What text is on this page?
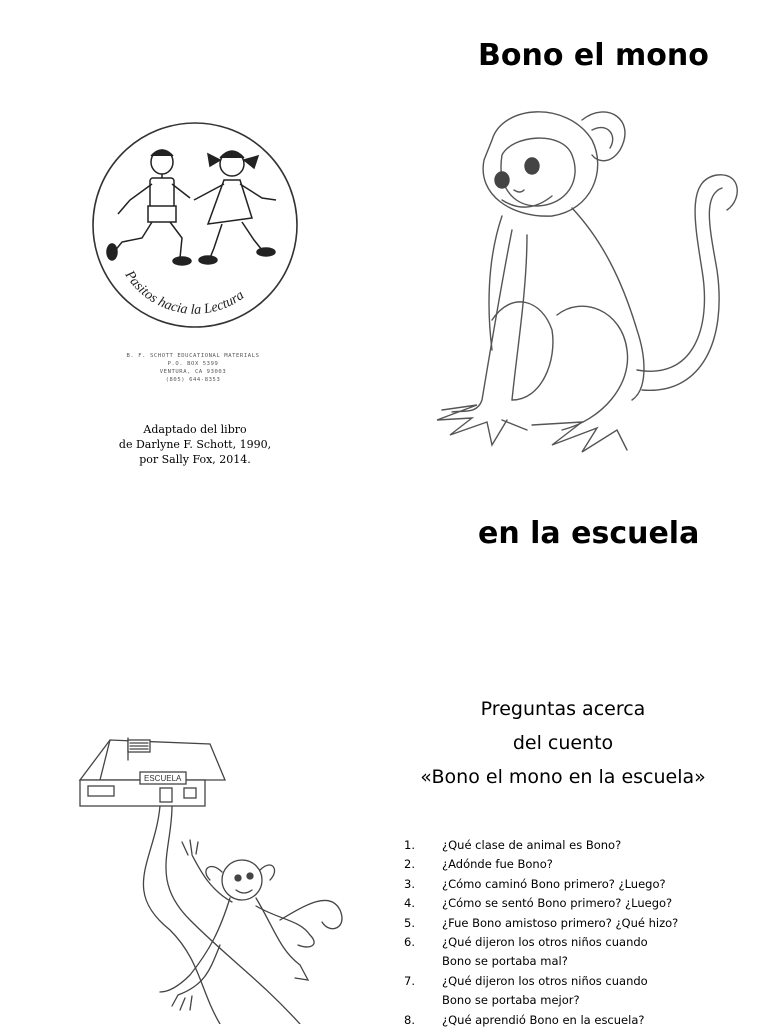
Bono el mono
en la escuela
Pasitos hacia la Lectura
B. F. SCHOTT EDUCATIONAL MATERIALS
P.O. BOX 5399
VENTURA, CA 93003
(805) 644-8353
Adaptado del libro
de Darlyne F. Schott, 1990,
por Sally Fox, 2014.
ESCUELA
Preguntas acerca
del cuento
«Bono el mono en la escuela»
1.	¿Qué clase de animal es Bono?
2.	¿Adónde fue Bono?
3.	¿Cómo caminó Bono primero? ¿Luego?
4.	¿Cómo se sentó Bono primero? ¿Luego?
5.	¿Fue Bono amistoso primero? ¿Qué hizo?
6.	¿Qué dijeron los otros niños cuando
Bono se portaba mal?
7.	¿Qué dijeron los otros niños cuando
Bono se portaba mejor?
8.	¿Qué aprendió Bono en la escuela?
